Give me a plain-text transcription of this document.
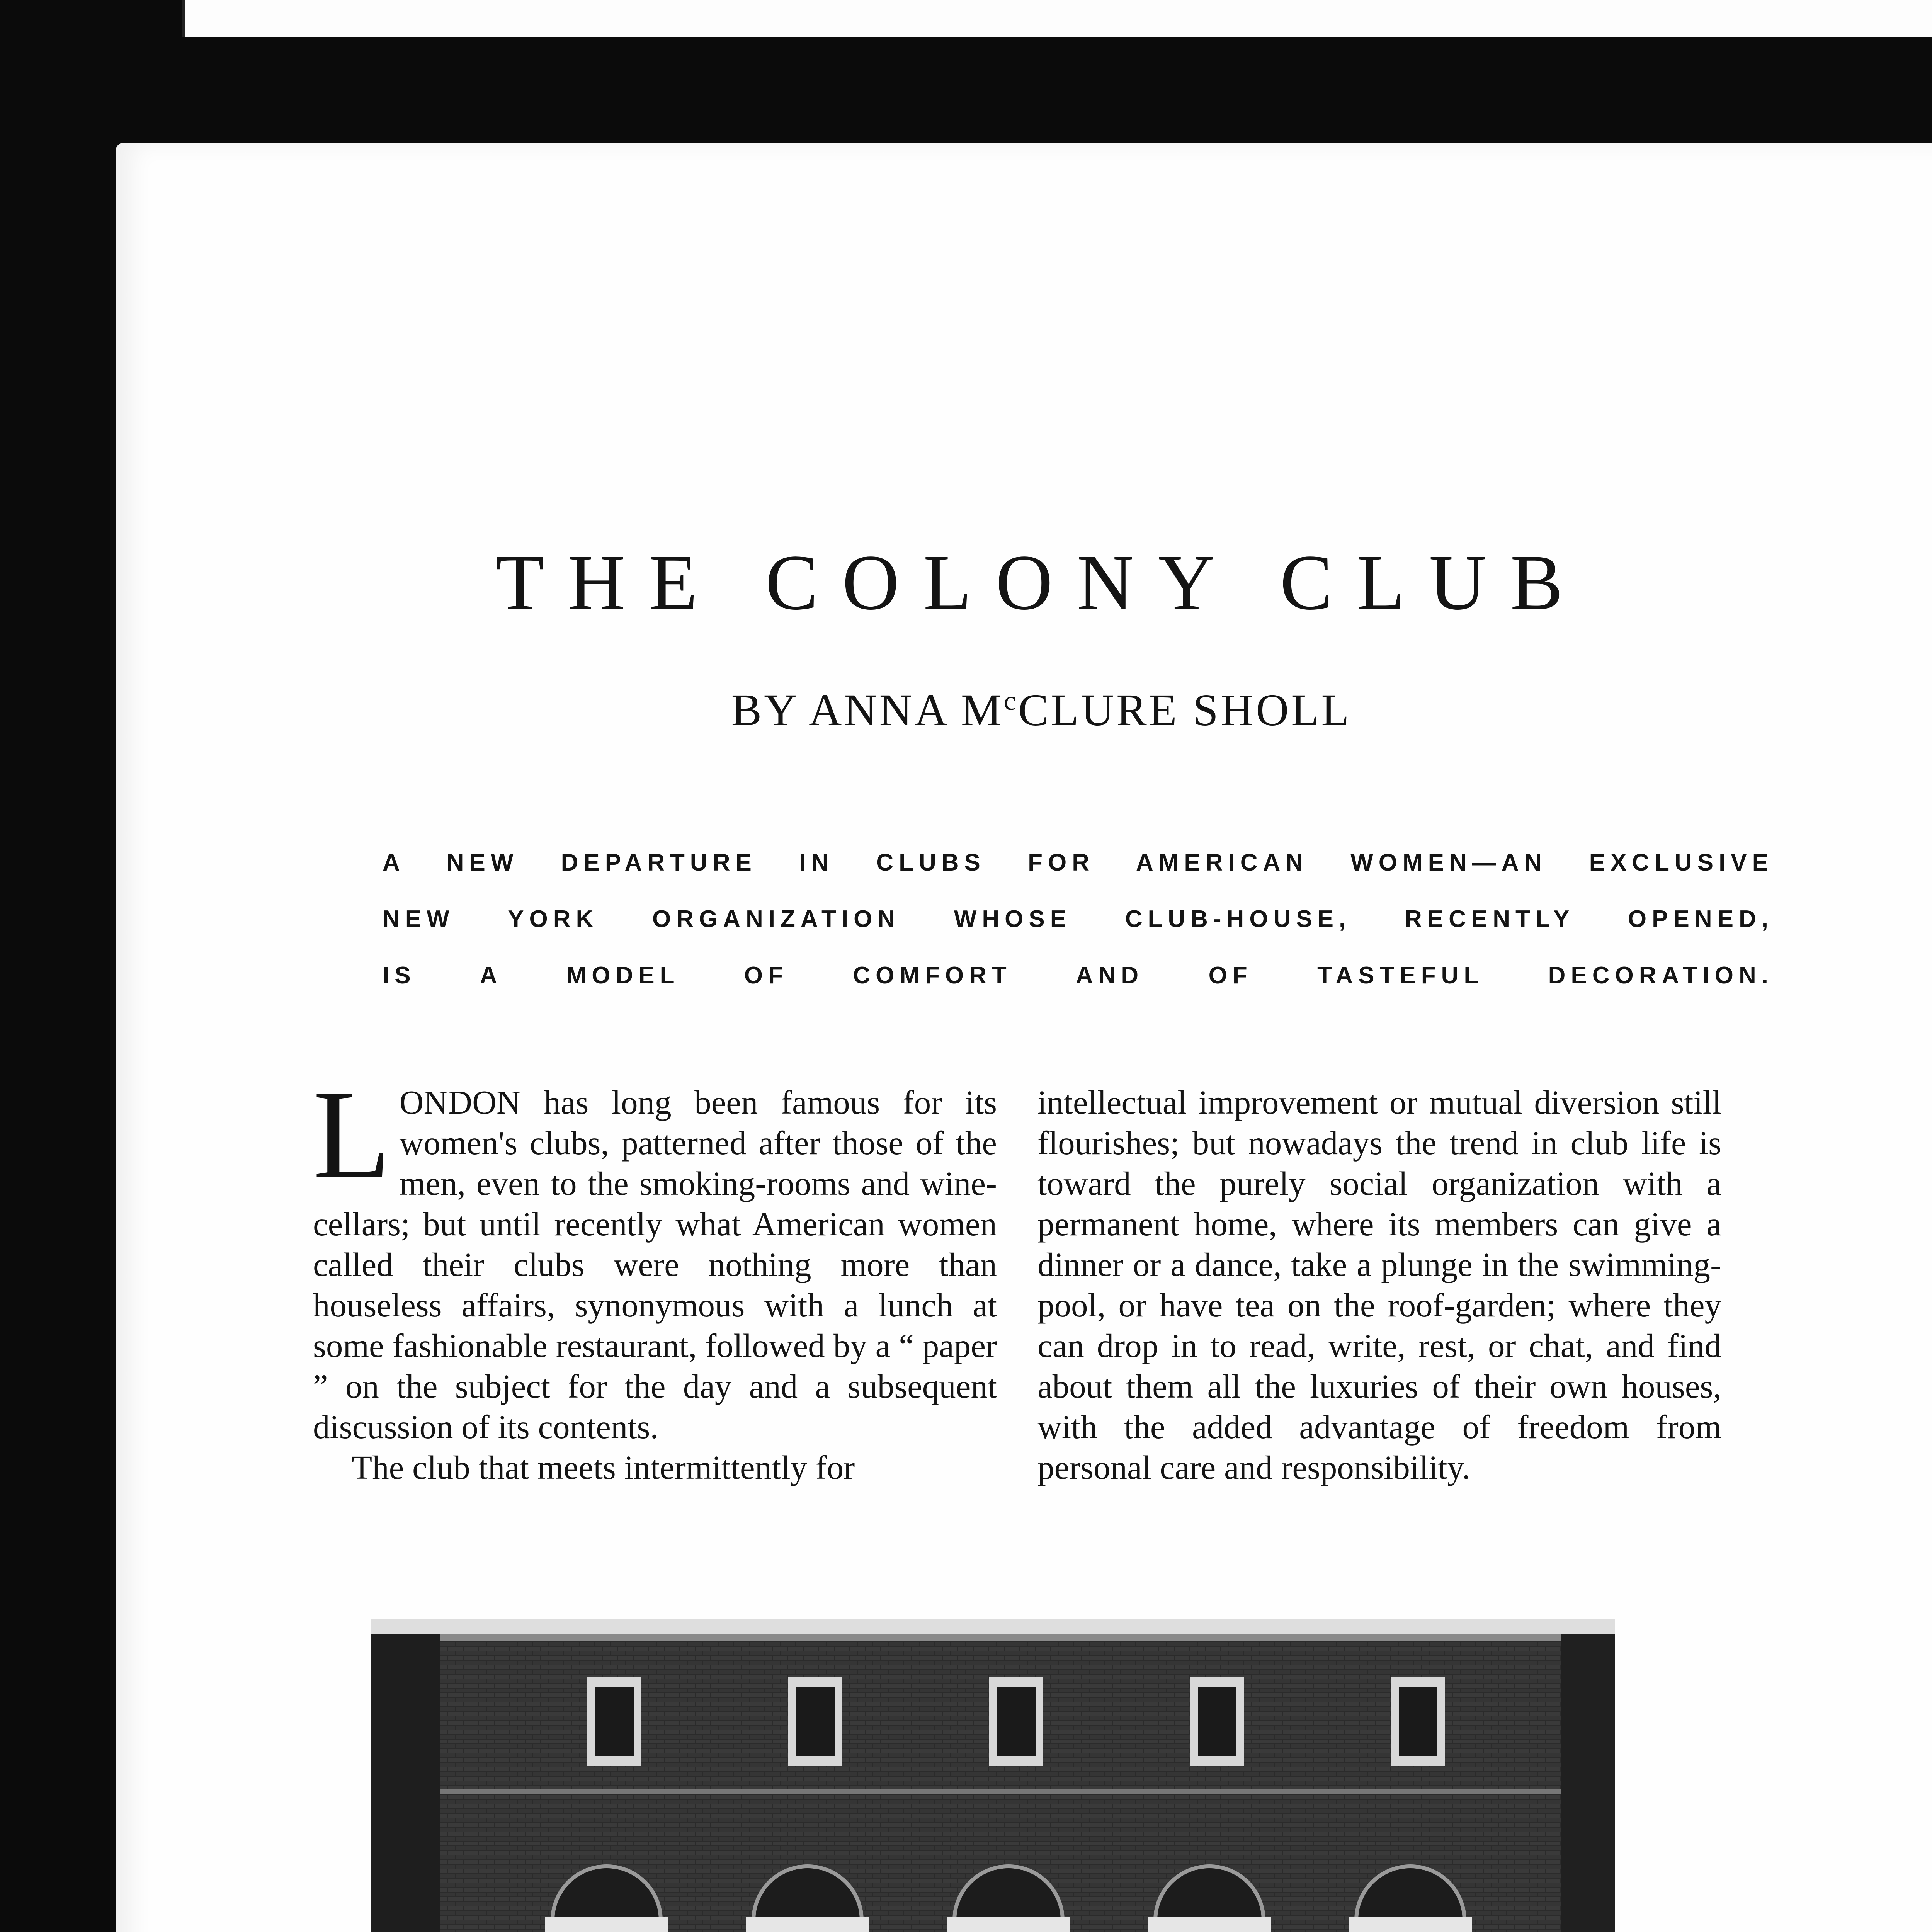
THE COLONY CLUB

BY ANNA $M^cCLURE$ SHOLL

A NEW DEPARTURE IN CLUBS FOR AMERICAN WOMEN—AN EXCLUSIVE
NEW YORK ORGANIZATION WHOSE CLUB-HOUSE, RECENTLY OPENED,
IS A MODEL OF COMFORT AND OF TASTEFUL DECORATION.

LONDON has long been famous for its women's clubs, patterned after those of the men, even to the smoking-rooms and wine-cellars; but until recently what American women called their clubs were nothing more than houseless affairs, synonymous with a lunch at some fashionable restaurant, followed by a “ paper ” on the subject for the day and a subsequent discussion of its contents.

The club that meets intermittently for

intellectual improvement or mutual diversion still flourishes; but nowadays the trend in club life is toward the purely social organization with a permanent home, where its members can give a dinner or a dance, take a plunge in the swimming-pool, or have tea on the roof-garden; where they can drop in to read, write, rest, or chat, and find about them all the luxuries of their own houses, with the added advantage of freedom from personal care and responsibility.
